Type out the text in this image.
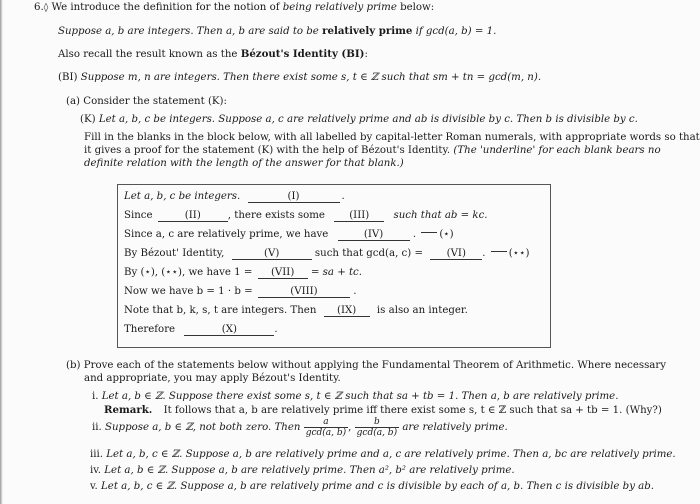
6.◊ We introduce the definition for the notion of being relatively prime below:
Suppose a, b are integers. Then a, b are said to be relatively prime if gcd(a, b) = 1.
Also recall the result known as the Bézout's Identity (BI):
(BI) Suppose m, n are integers. Then there exist some s, t ∈ ℤ such that sm + tn = gcd(m, n).
(a) Consider the statement (K):
(K) Let a, b, c be integers. Suppose a, c are relatively prime and ab is divisible by c. Then b is divisible by c.
Fill in the blanks in the block below, with all labelled by capital-letter Roman numerals, with appropriate words so that
it gives a proof for the statement (K) with the help of Bézout's Identity. (The 'underline' for each blank bears no
definite relation with the length of the answer for that blank.)
Let a, b, c be integers.	(I)	.
Since	(II)	, there exists some (III) such that ab = kc.
Since a, c are relatively prime, we have	(IV)	. (⋆)
By Bézout' Identity,	(V)	such that gcd(a, c) = (VI) . (⋆⋆)
By (⋆), (⋆⋆), we have 1 = (VII) = sa + tc.
Now we have b = 1 · b =	(VIII)	.
Note that b, k, s, t are integers. Then (IX) is also an integer.
Therefore	(X)	.
(b) Prove each of the statements below without applying the Fundamental Theorem of Arithmetic. Where necessary
and appropriate, you may apply Bézout's Identity.
i. Let a, b ∈ ℤ. Suppose there exist some s, t ∈ ℤ such that sa + tb = 1. Then a, b are relatively prime.
Remark. It follows that a, b are relatively prime iff there exist some s, t ∈ ℤ such that sa + tb = 1. (Why?)
ii. Suppose a, b ∈ ℤ, not both zero. Then $\frac{a}{\gcd(a, b)}$ , $\frac{b}{\gcd(a, b)}$ are relatively prime.
iii. Let a, b, c ∈ ℤ. Suppose a, b are relatively prime and a, c are relatively prime. Then a, bc are relatively prime.
iv. Let a, b ∈ ℤ. Suppose a, b are relatively prime. Then a², b² are relatively prime.
v. Let a, b, c ∈ ℤ. Suppose a, b are relatively prime and c is divisible by each of a, b. Then c is divisible by ab.
